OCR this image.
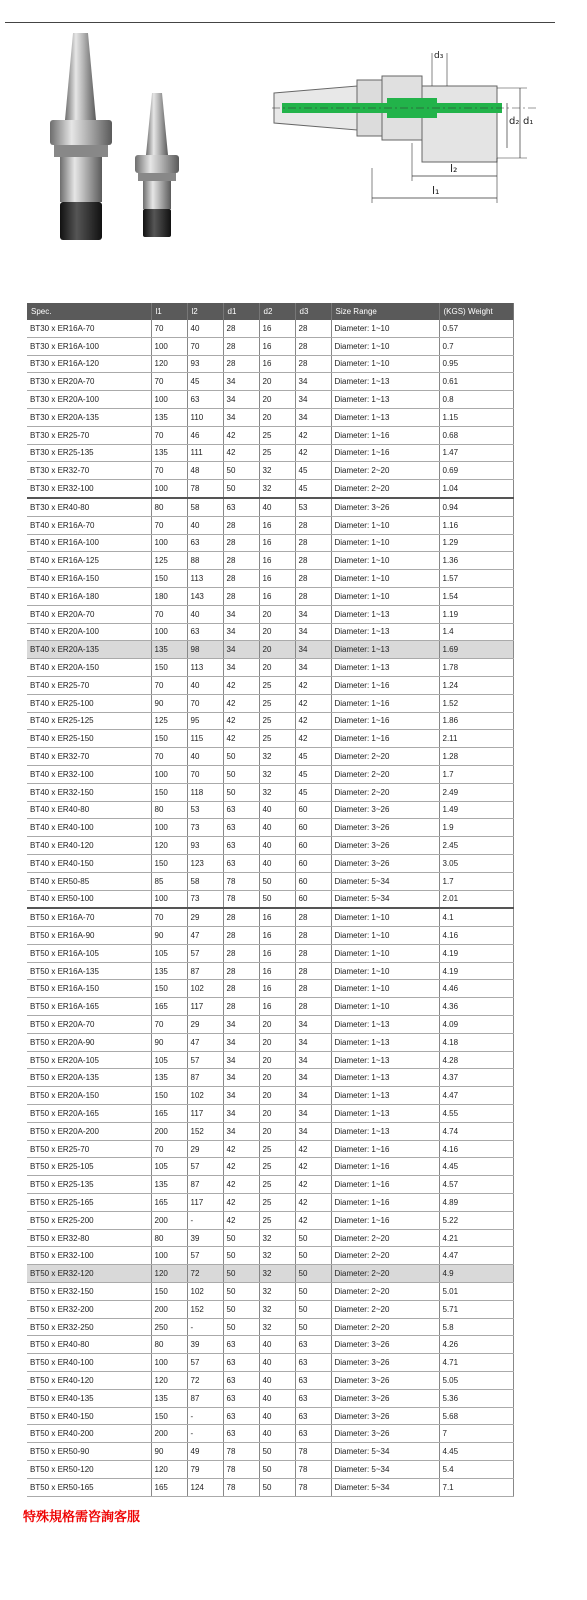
d₃
d₂ d₁
l₂
l₁
Spec.	l1	l2	d1	d2	d3	Size Range	(KGS) Weight
BT30 x ER16A-70	70	40	28	16	28	Diameter: 1~10	0.57
BT30 x ER16A-100	100	70	28	16	28	Diameter: 1~10	0.7
BT30 x ER16A-120	120	93	28	16	28	Diameter: 1~10	0.95
BT30 x ER20A-70	70	45	34	20	34	Diameter: 1~13	0.61
BT30 x ER20A-100	100	63	34	20	34	Diameter: 1~13	0.8
BT30 x ER20A-135	135	110	34	20	34	Diameter: 1~13	1.15
BT30 x ER25-70	70	46	42	25	42	Diameter: 1~16	0.68
BT30 x ER25-135	135	111	42	25	42	Diameter: 1~16	1.47
BT30 x ER32-70	70	48	50	32	45	Diameter: 2~20	0.69
BT30 x ER32-100	100	78	50	32	45	Diameter: 2~20	1.04
BT30 x ER40-80	80	58	63	40	53	Diameter: 3~26	0.94
BT40 x ER16A-70	70	40	28	16	28	Diameter: 1~10	1.16
BT40 x ER16A-100	100	63	28	16	28	Diameter: 1~10	1.29
BT40 x ER16A-125	125	88	28	16	28	Diameter: 1~10	1.36
BT40 x ER16A-150	150	113	28	16	28	Diameter: 1~10	1.57
BT40 x ER16A-180	180	143	28	16	28	Diameter: 1~10	1.54
BT40 x ER20A-70	70	40	34	20	34	Diameter: 1~13	1.19
BT40 x ER20A-100	100	63	34	20	34	Diameter: 1~13	1.4
BT40 x ER20A-135	135	98	34	20	34	Diameter: 1~13	1.69
BT40 x ER20A-150	150	113	34	20	34	Diameter: 1~13	1.78
BT40 x ER25-70	70	40	42	25	42	Diameter: 1~16	1.24
BT40 x ER25-100	90	70	42	25	42	Diameter: 1~16	1.52
BT40 x ER25-125	125	95	42	25	42	Diameter: 1~16	1.86
BT40 x ER25-150	150	115	42	25	42	Diameter: 1~16	2.11
BT40 x ER32-70	70	40	50	32	45	Diameter: 2~20	1.28
BT40 x ER32-100	100	70	50	32	45	Diameter: 2~20	1.7
BT40 x ER32-150	150	118	50	32	45	Diameter: 2~20	2.49
BT40 x ER40-80	80	53	63	40	60	Diameter: 3~26	1.49
BT40 x ER40-100	100	73	63	40	60	Diameter: 3~26	1.9
BT40 x ER40-120	120	93	63	40	60	Diameter: 3~26	2.45
BT40 x ER40-150	150	123	63	40	60	Diameter: 3~26	3.05
BT40 x ER50-85	85	58	78	50	60	Diameter: 5~34	1.7
BT40 x ER50-100	100	73	78	50	60	Diameter: 5~34	2.01
BT50 x ER16A-70	70	29	28	16	28	Diameter: 1~10	4.1
BT50 x ER16A-90	90	47	28	16	28	Diameter: 1~10	4.16
BT50 x ER16A-105	105	57	28	16	28	Diameter: 1~10	4.19
BT50 x ER16A-135	135	87	28	16	28	Diameter: 1~10	4.19
BT50 x ER16A-150	150	102	28	16	28	Diameter: 1~10	4.46
BT50 x ER16A-165	165	117	28	16	28	Diameter: 1~10	4.36
BT50 x ER20A-70	70	29	34	20	34	Diameter: 1~13	4.09
BT50 x ER20A-90	90	47	34	20	34	Diameter: 1~13	4.18
BT50 x ER20A-105	105	57	34	20	34	Diameter: 1~13	4.28
BT50 x ER20A-135	135	87	34	20	34	Diameter: 1~13	4.37
BT50 x ER20A-150	150	102	34	20	34	Diameter: 1~13	4.47
BT50 x ER20A-165	165	117	34	20	34	Diameter: 1~13	4.55
BT50 x ER20A-200	200	152	34	20	34	Diameter: 1~13	4.74
BT50 x ER25-70	70	29	42	25	42	Diameter: 1~16	4.16
BT50 x ER25-105	105	57	42	25	42	Diameter: 1~16	4.45
BT50 x ER25-135	135	87	42	25	42	Diameter: 1~16	4.57
BT50 x ER25-165	165	117	42	25	42	Diameter: 1~16	4.89
BT50 x ER25-200	200	-	42	25	42	Diameter: 1~16	5.22
BT50 x ER32-80	80	39	50	32	50	Diameter: 2~20	4.21
BT50 x ER32-100	100	57	50	32	50	Diameter: 2~20	4.47
BT50 x ER32-120	120	72	50	32	50	Diameter: 2~20	4.9
BT50 x ER32-150	150	102	50	32	50	Diameter: 2~20	5.01
BT50 x ER32-200	200	152	50	32	50	Diameter: 2~20	5.71
BT50 x ER32-250	250	-	50	32	50	Diameter: 2~20	5.8
BT50 x ER40-80	80	39	63	40	63	Diameter: 3~26	4.26
BT50 x ER40-100	100	57	63	40	63	Diameter: 3~26	4.71
BT50 x ER40-120	120	72	63	40	63	Diameter: 3~26	5.05
BT50 x ER40-135	135	87	63	40	63	Diameter: 3~26	5.36
BT50 x ER40-150	150	-	63	40	63	Diameter: 3~26	5.68
BT50 x ER40-200	200	-	63	40	63	Diameter: 3~26	7
BT50 x ER50-90	90	49	78	50	78	Diameter: 5~34	4.45
BT50 x ER50-120	120	79	78	50	78	Diameter: 5~34	5.4
BT50 x ER50-165	165	124	78	50	78	Diameter: 5~34	7.1
特殊規格需咨詢客服
